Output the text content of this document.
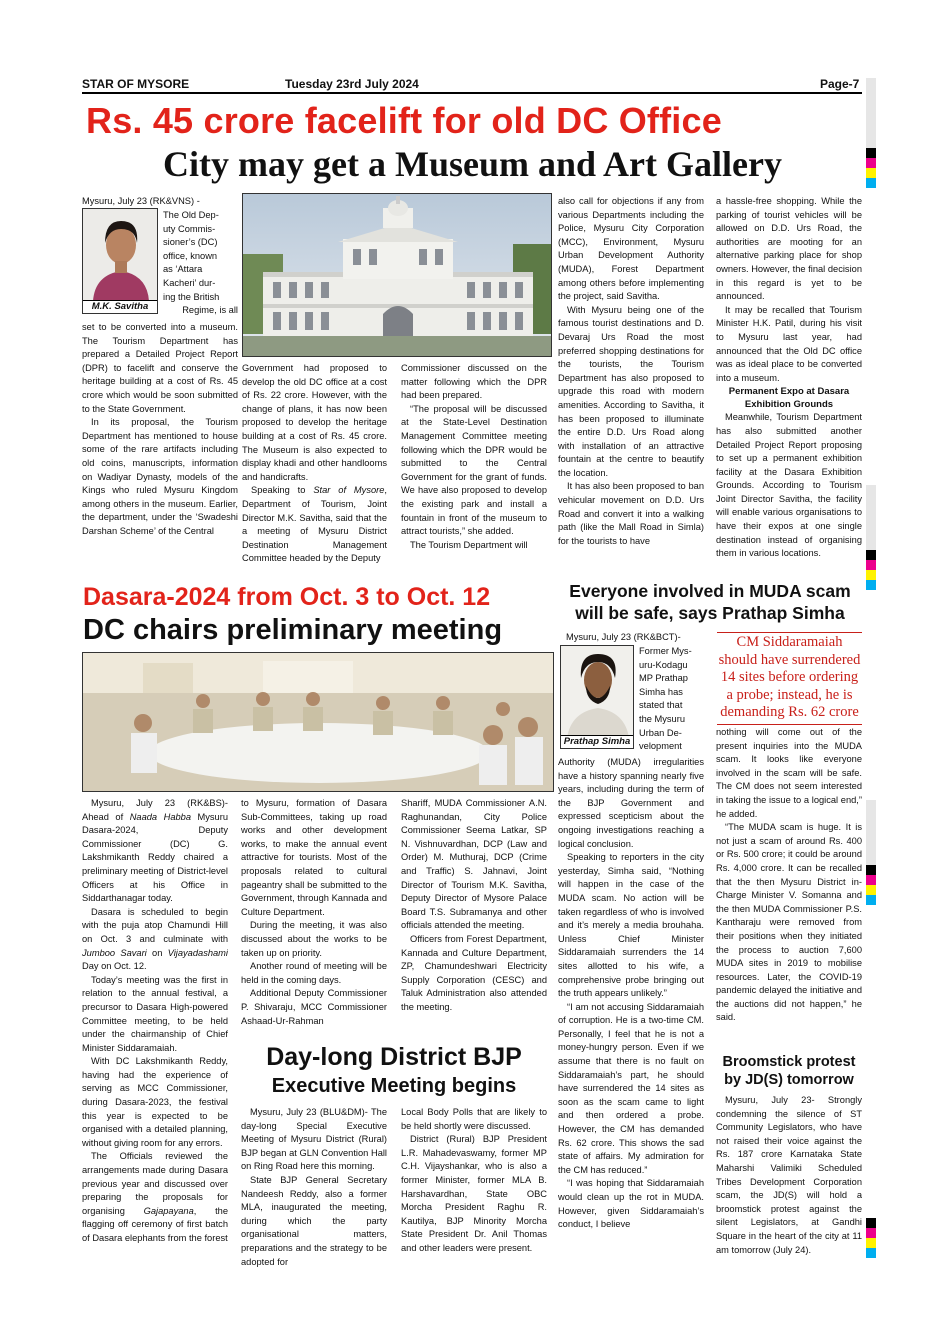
STAR OF MYSORE	Tuesday 23rd July 2024	Page-7
Rs. 45 crore facelift for old DC Office
City may get a Museum and Art Gallery
M.K. Savitha
Mysuru, July 23 (RK&VNS) -
The Old Dep-
uty Commis-
sioner’s (DC)
office, known
as ‘Attara
Kacheri’ dur-
ing the British
Regime, is all

set to be converted into a museum. The Tourism Department has prepared a Detailed Project Report (DPR) to facelift and conserve the heritage building at a cost of Rs. 45 crore which would be soon submitted to the State Government.

In its proposal, the Tourism Department has mentioned to house some of the rare artifacts including old coins, manuscripts, information on Wadiyar Dynasty, models of the Kings who ruled Mysuru Kingdom among others in the museum. Earlier, the department, under the ‘Swadeshi Darshan Scheme’ of the Central

Government had proposed to develop the old DC office at a cost of Rs. 22 crore. However, with the change of plans, it has now been proposed to develop the heritage building at a cost of Rs. 45 crore. The Museum is also expected to display khadi and other handlooms and handicrafts.

Speaking to Star of Mysore, Department of Tourism, Joint Director M.K. Savitha, said that the a meeting of Mysuru District Destination Management Committee headed by the Deputy

Commissioner discussed on the matter following which the DPR had been prepared.

“The proposal will be discussed at the State-Level Destination Management Committee meeting following which the DPR would be submitted to the Central Government for the grant of funds. We have also proposed to develop the existing park and install a fountain in front of the museum to attract tourists,” she added.

The Tourism Department will

also call for objections if any from various Departments including the Police, Mysuru City Corporation (MCC), Environment, Mysuru Urban Development Authority (MUDA), Forest Department among others before implementing the project, said Savitha.

With Mysuru being one of the famous tourist destinations and D. Devaraj Urs Road the most preferred shopping destinations for the tourists, the Tourism Department has also proposed to upgrade this road with modern amenities. According to Savitha, it has been proposed to illuminate the entire D.D. Urs Road along with installation of an attractive fountain at the centre to beautify the location.

It has also been proposed to ban vehicular movement on D.D. Urs Road and convert it into a walking path (like the Mall Road in Simla) for the tourists to have

a hassle-free shopping. While the parking of tourist vehicles will be allowed on D.D. Urs Road, the authorities are mooting for an alternative parking place for shop owners. However, the final decision in this regard is yet to be announced.

It may be recalled that Tourism Minister H.K. Patil, during his visit to Mysuru last year, had announced that the Old DC office was as ideal place to be converted into a museum.

Permanent Expo at Dasara Exhibition Grounds

Meanwhile, Tourism Department has also submitted another Detailed Project Report proposing to set up a permanent exhibition facility at the Dasara Exhibition Grounds. According to Tourism Joint Director Savitha, the facility will enable various organisations to have their expos at one single destination instead of organising them in various locations.

Dasara-2024 from Oct. 3 to Oct. 12
DC chairs preliminary meeting

Mysuru, July 23 (RK&BS)- Ahead of Naada Habba Mysuru Dasara-2024, Deputy Commissioner (DC) G. Lakshmikanth Reddy chaired a preliminary meeting of District-level Officers at his Office in Siddarthanagar today.

Dasara is scheduled to begin with the puja atop Chamundi Hill on Oct. 3 and culminate with Jumboo Savari on Vijayadashami Day on Oct. 12.

Today’s meeting was the first in relation to the annual festival, a precursor to Dasara High-powered Committee meeting, to be held under the chairmanship of Chief Minister Siddaramaiah.

With DC Lakshmikanth Reddy, having had the experience of serving as MCC Commissioner, during Dasara-2023, the festival this year is expected to be organised with a detailed planning, without giving room for any errors.

The Officials reviewed the arrangements made during Dasara previous year and discussed over preparing the proposals for organising Gajapayana, the flagging off ceremony of first batch of Dasara elephants from the forest

to Mysuru, formation of Dasara Sub-Committees, taking up road works and other development works, to make the annual event attractive for tourists. Most of the proposals related to cultural pageantry shall be submitted to the Government, through Kannada and Culture Department.

During the meeting, it was also discussed about the works to be taken up on priority.

Another round of meeting will be held in the coming days.

Additional Deputy Commissioner P. Shivaraju, MCC Commissioner Ashaad-Ur-Rahman

Shariff, MUDA Commissioner A.N. Raghunandan, City Police Commissioner Seema Latkar, SP N. Vishnuvardhan, DCP (Law and Order) M. Muthuraj, DCP (Crime and Traffic) S. Jahnavi, Joint Director of Tourism M.K. Savitha, Deputy Director of Mysore Palace Board T.S. Subramanya and other officials attended the meeting.

Officers from Forest Department, Kannada and Culture Department, ZP, Chamundeshwari Electricity Supply Corporation (CESC) and Taluk Administration also attended the meeting.

Day-long District BJP
Executive Meeting begins

Mysuru, July 23 (BLU&DM)- The day-long Special Executive Meeting of Mysuru District (Rural) BJP began at GLN Convention Hall on Ring Road here this morning.

State BJP General Secretary Nandeesh Reddy, also a former MLA, inaugurated the meeting, during which the party organisational matters, preparations and the strategy to be adopted for

Local Body Polls that are likely to be held shortly were discussed.

District (Rural) BJP President L.R. Mahadevaswamy, former MP C.H. Vijayshankar, who is also a former Minister, former MLA B. Harshavardhan, State OBC Morcha President Raghu R. Kautilya, BJP Minority Morcha State President Dr. Anil Thomas and other leaders were present.

Everyone involved in MUDA scam will be safe, says Prathap Simha
Prathap Simha
Mysuru, July 23 (RK&BCT)-
Former Mys-
uru-Kodagu
MP Prathap
Simha has
stated that
the Mysuru
Urban De-
velopment

Authority (MUDA) irregularities have a history spanning nearly five years, including during the term of the BJP Government and expressed scepticism about the ongoing investigations reaching a logical conclusion.

Speaking to reporters in the city yesterday, Simha said, “Nothing will happen in the case of the MUDA scam. No action will be taken regardless of who is involved and it’s merely a media brouhaha. Unless Chief Minister Siddaramaiah surrenders the 14 sites allotted to his wife, a comprehensive probe bringing out the truth appears unlikely.”

“I am not accusing Siddaramaiah of corruption. He is a two-time CM. Personally, I feel that he is not a money-hungry person. Even if we assume that there is no fault on Siddaramaiah’s part, he should have surrendered the 14 sites as soon as the scam came to light and then ordered a probe. However, the CM has demanded Rs. 62 crore. This shows the sad state of affairs. My admiration for the CM has reduced.”

“I was hoping that Siddaramaiah would clean up the rot in MUDA. However, given Siddaramaiah’s conduct, I believe

CM Siddaramaiah should have surrendered 14 sites before ordering a probe; instead, he is demanding Rs. 62 crore

nothing will come out of the present inquiries into the MUDA scam. It looks like everyone involved in the scam will be safe. The CM does not seem interested in taking the issue to a logical end,” he added.

“The MUDA scam is huge. It is not just a scam of around Rs. 400 or Rs. 500 crore; it could be around Rs. 4,000 crore. It can be recalled that the then Mysuru District in-Charge Minister V. Somanna and the then MUDA Commissioner P.S. Kantharaju were removed from their positions when they initiated the process to auction 7,600 MUDA sites in 2019 to mobilise resources. Later, the COVID-19 pandemic delayed the initiative and the auctions did not happen,” he said.

Broomstick protest by JD(S) tomorrow

Mysuru, July 23- Strongly condemning the silence of ST Community Legislators, who have not raised their voice against the Rs. 187 crore Karnataka State Maharshi Valimiki Scheduled Tribes Development Corporation scam, the JD(S) will hold a broomstick protest against the silent Legislators, at Gandhi Square in the heart of the city at 11 am tomorrow (July 24).
